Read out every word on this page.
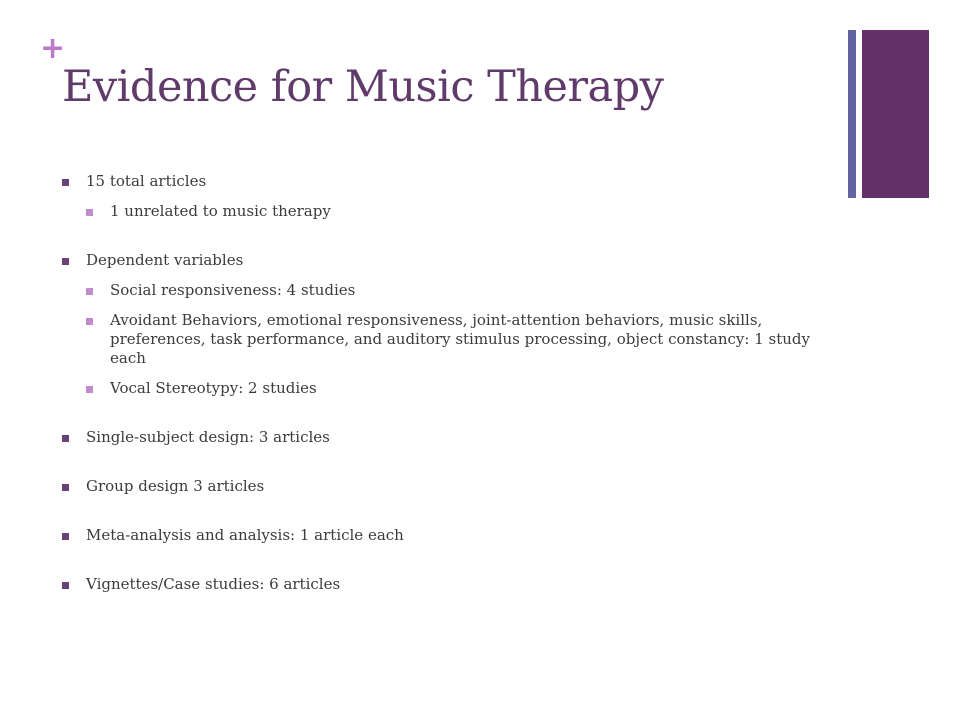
+
Evidence for Music Therapy
15 total articles
1 unrelated to music therapy
Dependent variables
Social responsiveness: 4 studies
Avoidant Behaviors, emotional responsiveness, joint-attention behaviors, music skills, preferences, task performance, and auditory stimulus processing, object constancy: 1 study each
Vocal Stereotypy: 2 studies
Single-subject design: 3 articles
Group design 3 articles
Meta-analysis and analysis: 1 article each
Vignettes/Case studies: 6 articles
